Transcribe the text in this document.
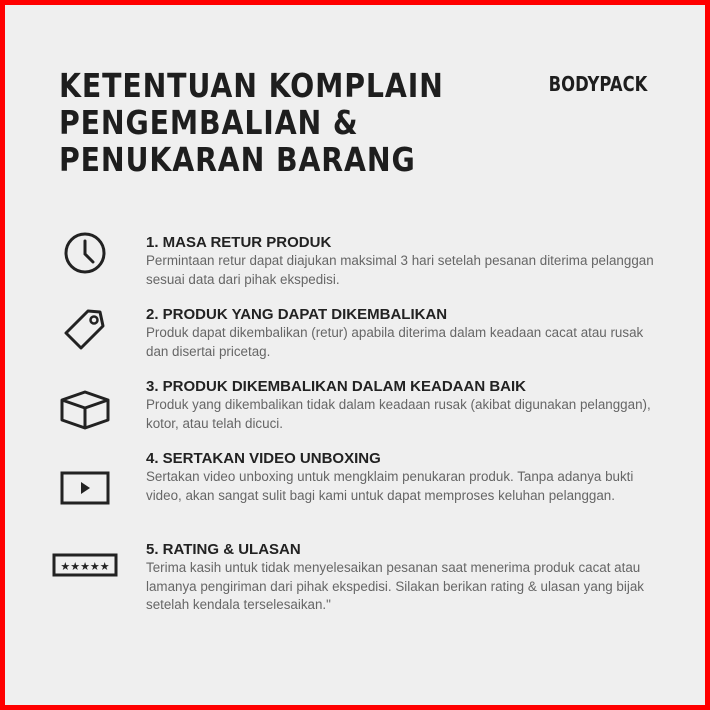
KETENTUAN KOMPLAIN
PENGEMBALIAN &
PENUKARAN BARANG
BODYPACK
1. MASA RETUR PRODUK
Permintaan retur dapat diajukan maksimal 3 hari setelah pesanan diterima pelanggan sesuai data dari pihak ekspedisi.
2. PRODUK YANG DAPAT DIKEMBALIKAN
Produk dapat dikembalikan (retur) apabila diterima dalam keadaan cacat atau rusak dan disertai pricetag.
3. PRODUK DIKEMBALIKAN DALAM KEADAAN BAIK
Produk yang dikembalikan tidak dalam keadaan rusak (akibat digunakan pelanggan), kotor, atau telah dicuci.
4. SERTAKAN VIDEO UNBOXING
Sertakan video unboxing untuk mengklaim penukaran produk. Tanpa adanya bukti video, akan sangat sulit bagi kami untuk dapat memproses keluhan pelanggan.
★★★★★
5. RATING & ULASAN
Terima kasih untuk tidak menyelesaikan pesanan saat menerima produk cacat atau lamanya pengiriman dari pihak ekspedisi. Silakan berikan rating & ulasan yang bijak setelah kendala terselesaikan."
